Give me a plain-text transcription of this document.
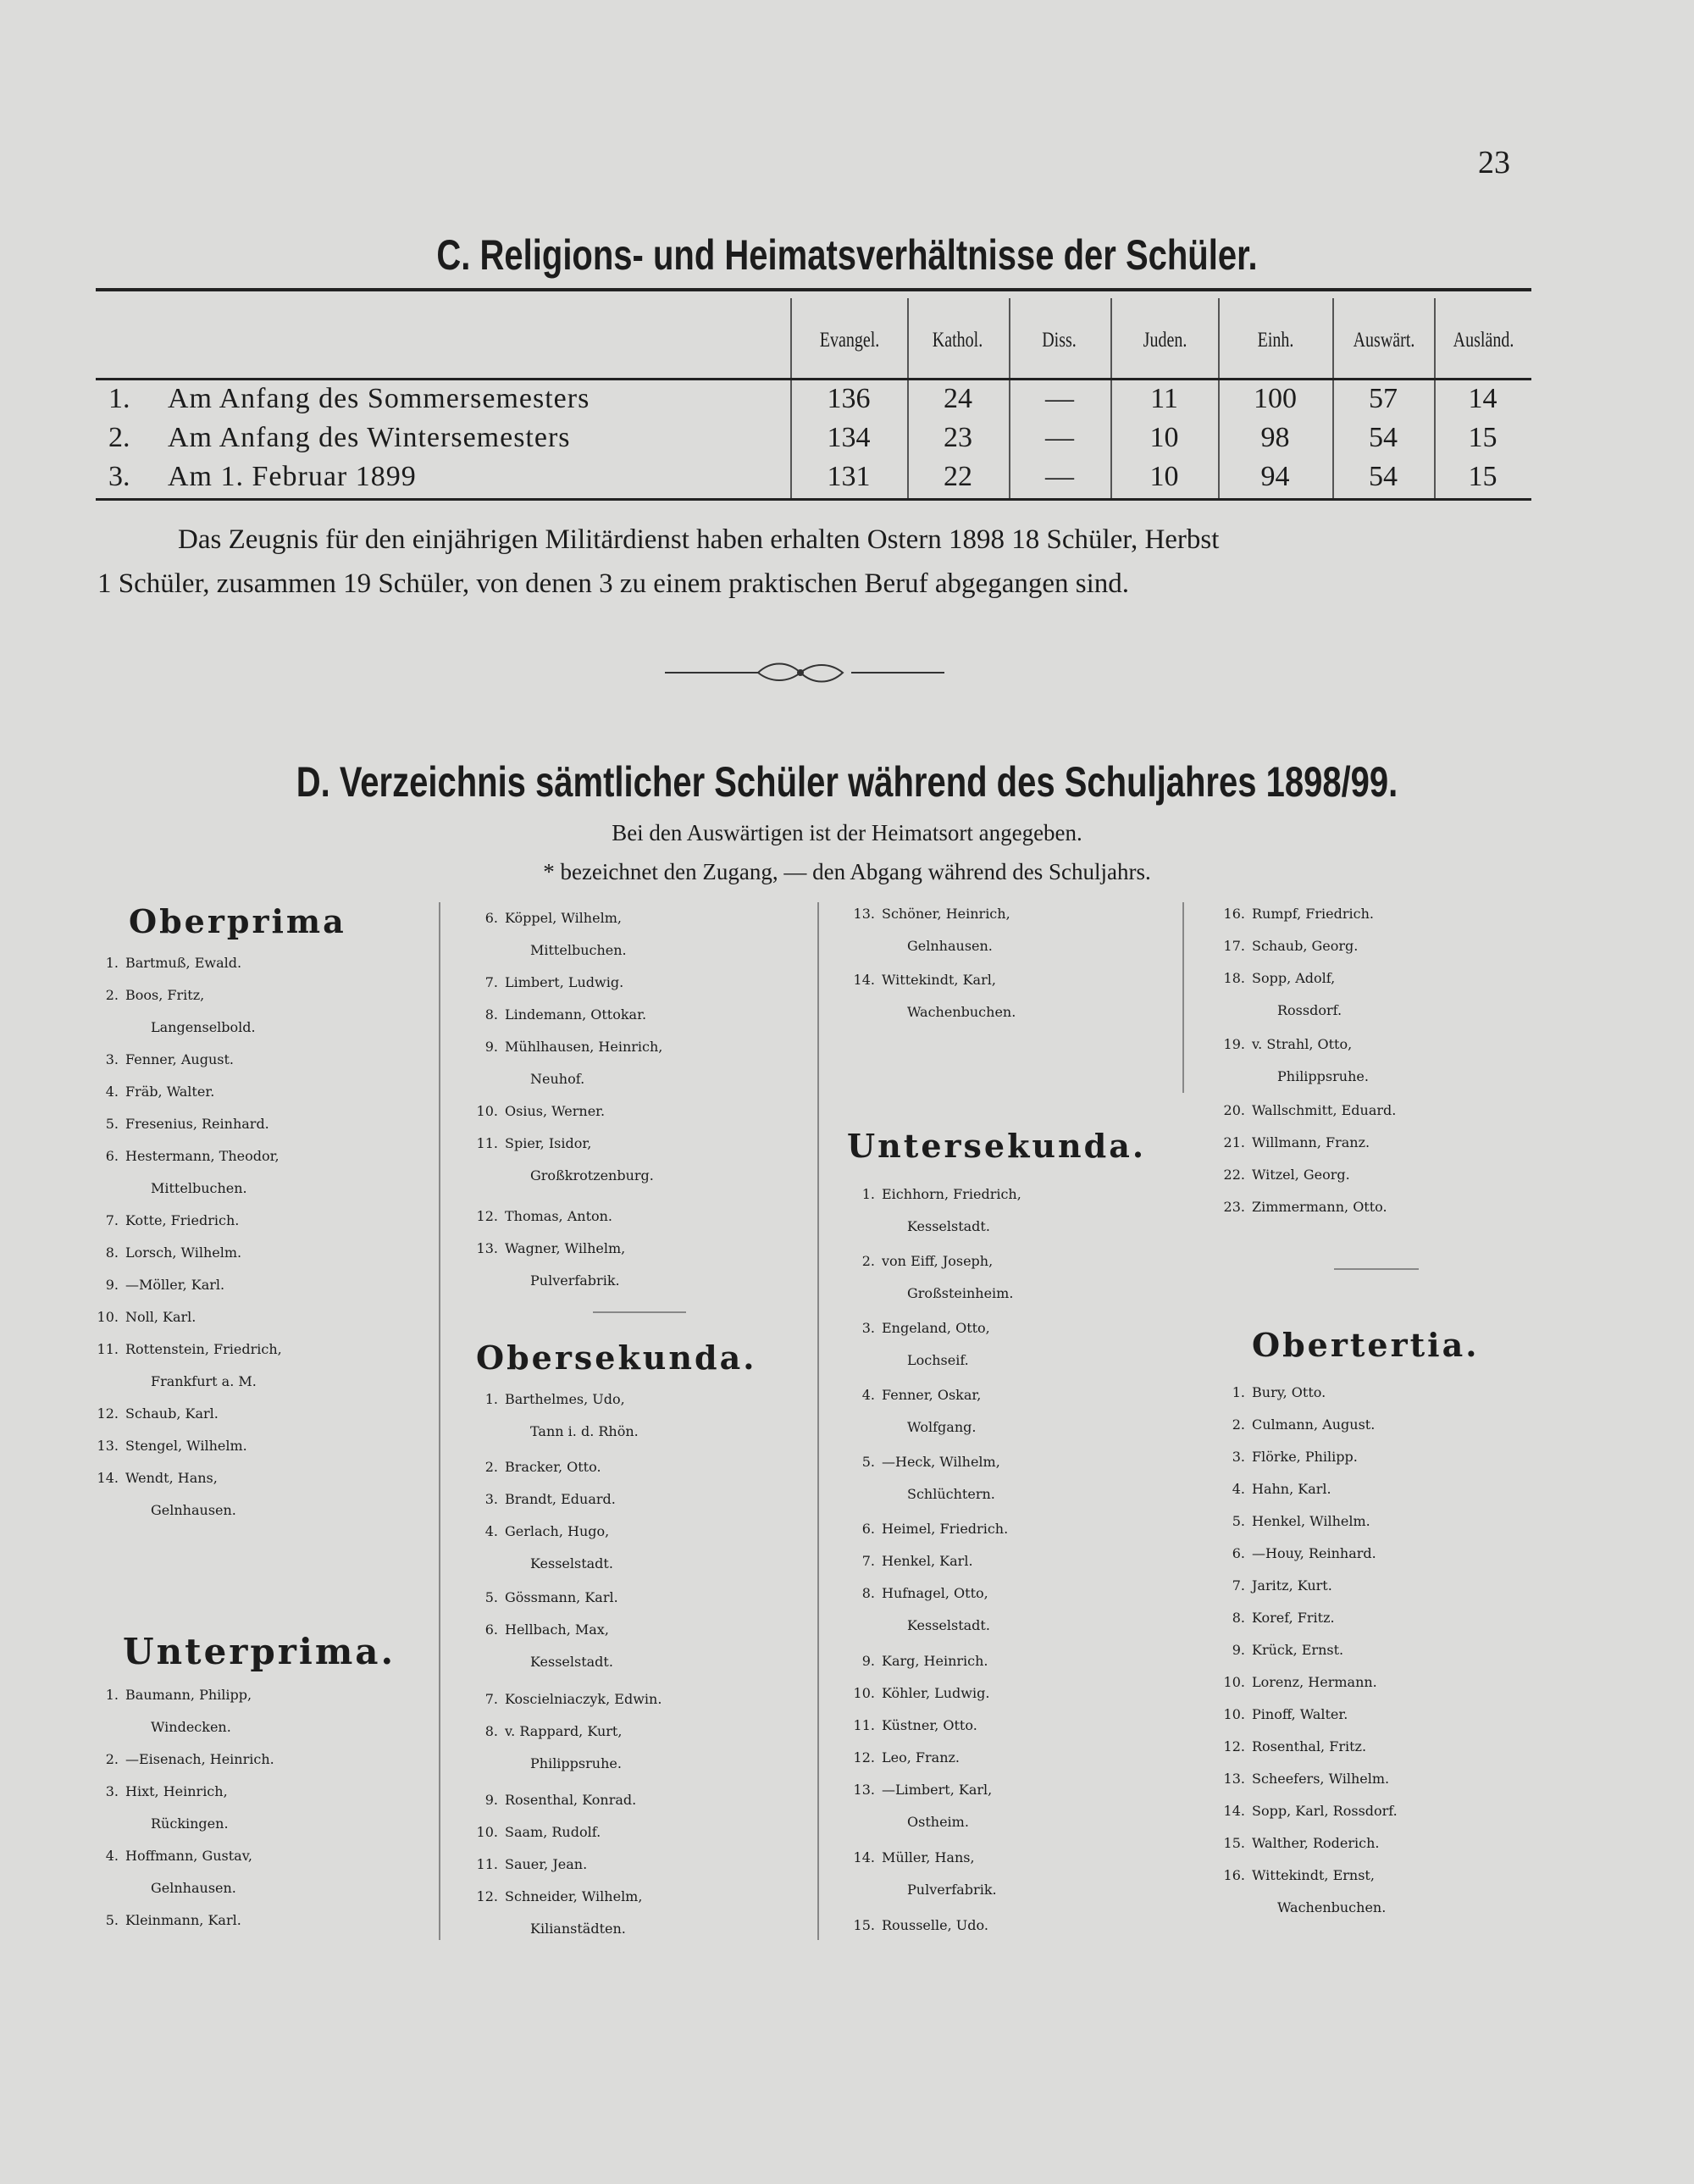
23
C. Religions- und Heimatsverhältnisse der Schüler.
Evangel.	Kathol.	Diss.	Juden.	Einh.	Auswärt.	Ausländ.
1. Am Anfang des Sommersemesters	136	24	—	11	100	57	14
2. Am Anfang des Wintersemesters	134	23	—	10	98	54	15
3. Am 1. Februar 1899	131	22	—	10	94	54	15
Das Zeugnis für den einjährigen Militärdienst haben erhalten Ostern 1898 18 Schüler, Herbst
1 Schüler, zusammen 19 Schüler, von denen 3 zu einem praktischen Beruf abgegangen sind.
D. Verzeichnis sämtlicher Schüler während des Schuljahres 1898/99.
Bei den Auswärtigen ist der Heimatsort angegeben.
* bezeichnet den Zugang, — den Abgang während des Schuljahrs.
Oberprima
1. Bartmuß, Ewald.
2. Boos, Fritz,
Langenselbold.
3. Fenner, August.
4. Fräb, Walter.
5. Fresenius, Reinhard.
6. Hestermann, Theodor,
Mittelbuchen.
7. Kotte, Friedrich.
8. Lorsch, Wilhelm.
9. —Möller, Karl.
10. Noll, Karl.
11. Rottenstein, Friedrich,
Frankfurt a. M.
12. Schaub, Karl.
13. Stengel, Wilhelm.
14. Wendt, Hans,
Gelnhausen.
Unterprima.
1. Baumann, Philipp,
Windecken.
2. —Eisenach, Heinrich.
3. Hixt, Heinrich,
Rückingen.
4. Hoffmann, Gustav,
Gelnhausen.
5. Kleinmann, Karl.
6. Köppel, Wilhelm,
Mittelbuchen.
7. Limbert, Ludwig.
8. Lindemann, Ottokar.
9. Mühlhausen, Heinrich,
Neuhof.
10. Osius, Werner.
11. Spier, Isidor,
Großkrotzenburg.
12. Thomas, Anton.
13. Wagner, Wilhelm,
Pulverfabrik.
Obersekunda.
1. Barthelmes, Udo,
Tann i. d. Rhön.
2. Bracker, Otto.
3. Brandt, Eduard.
4. Gerlach, Hugo,
Kesselstadt.
5. Gössmann, Karl.
6. Hellbach, Max,
Kesselstadt.
7. Koscielniaczyk, Edwin.
8. v. Rappard, Kurt,
Philippsruhe.
9. Rosenthal, Konrad.
10. Saam, Rudolf.
11. Sauer, Jean.
12. Schneider, Wilhelm,
Kilianstädten.
13. Schöner, Heinrich,
Gelnhausen.
14. Wittekindt, Karl,
Wachenbuchen.
Untersekunda.
1. Eichhorn, Friedrich,
Kesselstadt.
2. von Eiff, Joseph,
Großsteinheim.
3. Engeland, Otto,
Lochseif.
4. Fenner, Oskar,
Wolfgang.
5. —Heck, Wilhelm,
Schlüchtern.
6. Heimel, Friedrich.
7. Henkel, Karl.
8. Hufnagel, Otto,
Kesselstadt.
9. Karg, Heinrich.
10. Köhler, Ludwig.
11. Küstner, Otto.
12. Leo, Franz.
13. —Limbert, Karl,
Ostheim.
14. Müller, Hans,
Pulverfabrik.
15. Rousselle, Udo.
16. Rumpf, Friedrich.
17. Schaub, Georg.
18. Sopp, Adolf,
Rossdorf.
19. v. Strahl, Otto,
Philippsruhe.
20. Wallschmitt, Eduard.
21. Willmann, Franz.
22. Witzel, Georg.
23. Zimmermann, Otto.
Obertertia.
1. Bury, Otto.
2. Culmann, August.
3. Flörke, Philipp.
4. Hahn, Karl.
5. Henkel, Wilhelm.
6. —Houy, Reinhard.
7. Jaritz, Kurt.
8. Koref, Fritz.
9. Krück, Ernst.
10. Lorenz, Hermann.
10. Pinoff, Walter.
12. Rosenthal, Fritz.
13. Scheefers, Wilhelm.
14. Sopp, Karl, Rossdorf.
15. Walther, Roderich.
16. Wittekindt, Ernst,
Wachenbuchen.
